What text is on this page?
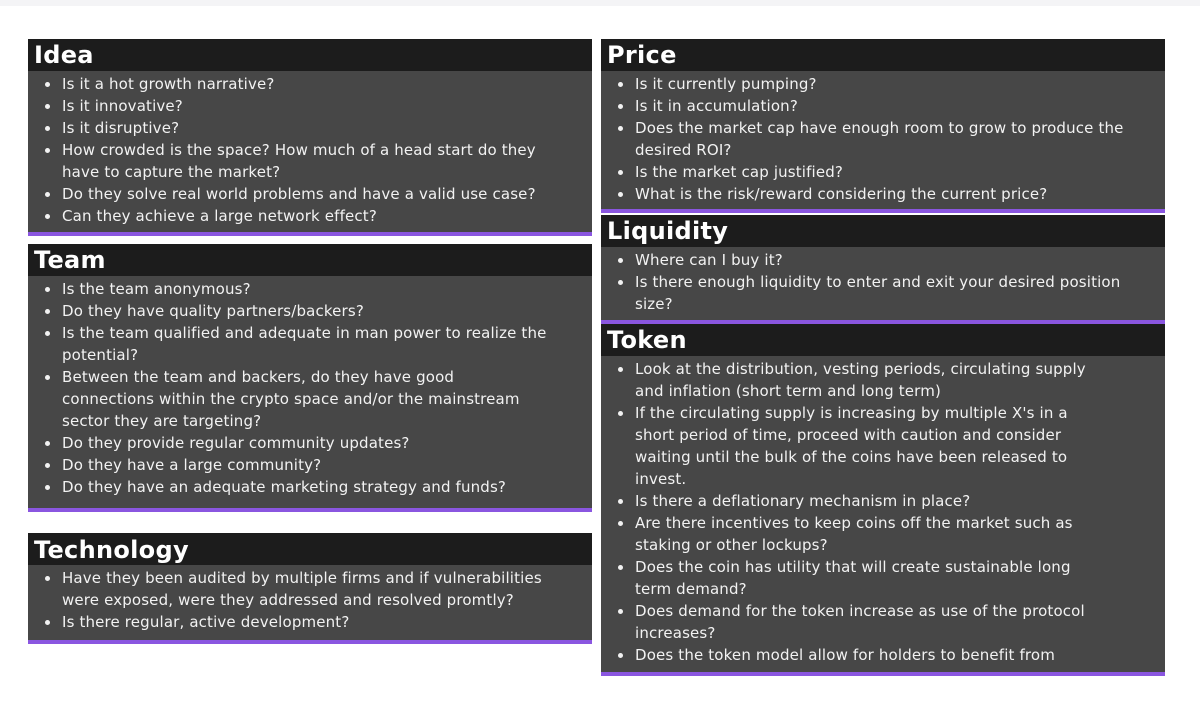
Idea
Is it a hot growth narrative?
Is it innovative?
Is it disruptive?
How crowded is the space? How much of a head start do they
have to capture the market?
Do they solve real world problems and have a valid use case?
Can they achieve a large network effect?
Team
Is the team anonymous?
Do they have quality partners/backers?
Is the team qualified and adequate in man power to realize the
potential?
Between the team and backers, do they have good
connections within the crypto space and/or the mainstream
sector they are targeting?
Do they provide regular community updates?
Do they have a large community?
Do they have an adequate marketing strategy and funds?
Technology
Have they been audited by multiple firms and if vulnerabilities
were exposed, were they addressed and resolved promtly?
Is there regular, active development?
Price
Is it currently pumping?
Is it in accumulation?
Does the market cap have enough room to grow to produce the
desired ROI?
Is the market cap justified?
What is the risk/reward considering the current price?
Liquidity
Where can I buy it?
Is there enough liquidity to enter and exit your desired position
size?
Token
Look at the distribution, vesting periods, circulating supply
and inflation (short term and long term)
If the circulating supply is increasing by multiple X's in a
short period of time, proceed with caution and consider
waiting until the bulk of the coins have been released to
invest.
Is there a deflationary mechanism in place?
Are there incentives to keep coins off the market such as
staking or other lockups?
Does the coin has utility that will create sustainable long
term demand?
Does demand for the token increase as use of the protocol
increases?
Does the token model allow for holders to benefit from
